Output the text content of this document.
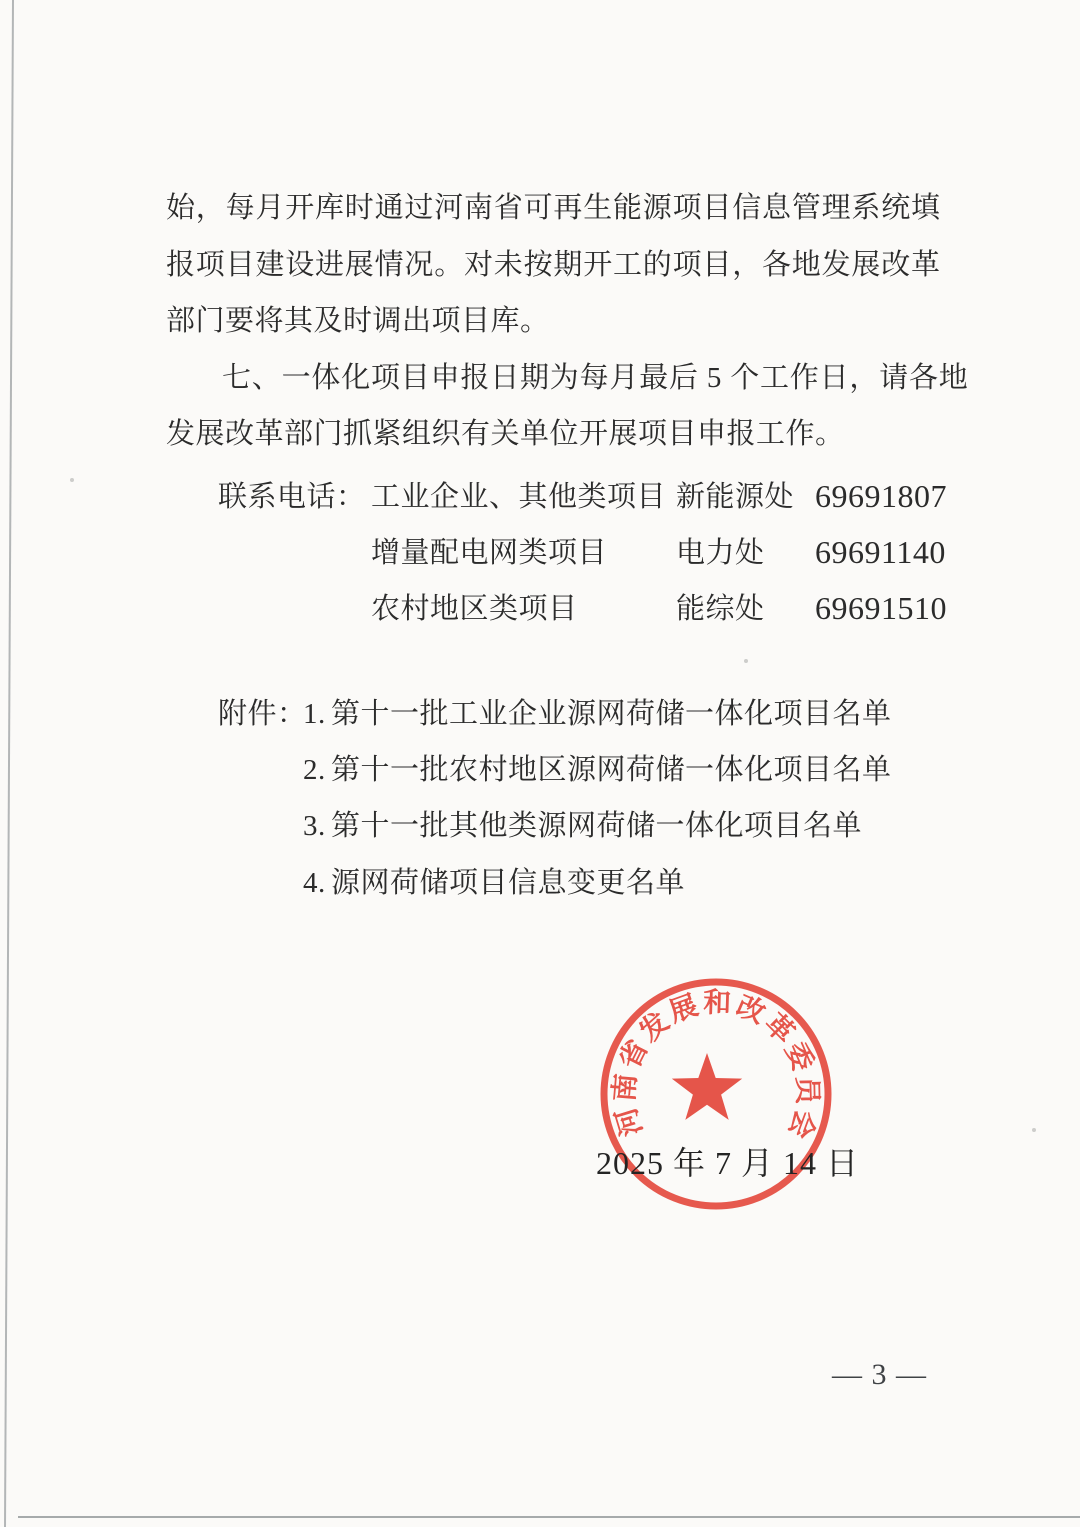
始，每月开库时通过河南省可再生能源项目信息管理系统填
报项目建设进展情况。对未按期开工的项目，各地发展改革
部门要将其及时调出项目库。
七、一体化项目申报日期为每月最后 5 个工作日，请各地
发展改革部门抓紧组织有关单位开展项目申报工作。
联系电话： 工业企业、其他类项目 新能源处 69691807
增量配电网类项目 电力处 69691140
农村地区类项目	能综处 69691510
附件：
1. 第十一批工业企业源网荷储一体化项目名单
2. 第十一批农村地区源网荷储一体化项目名单
3. 第十一批其他类源网荷储一体化项目名单
4. 源网荷储项目信息变更名单
河南省发展和改革委员会
2025 年 7 月 14 日
— 3 —
